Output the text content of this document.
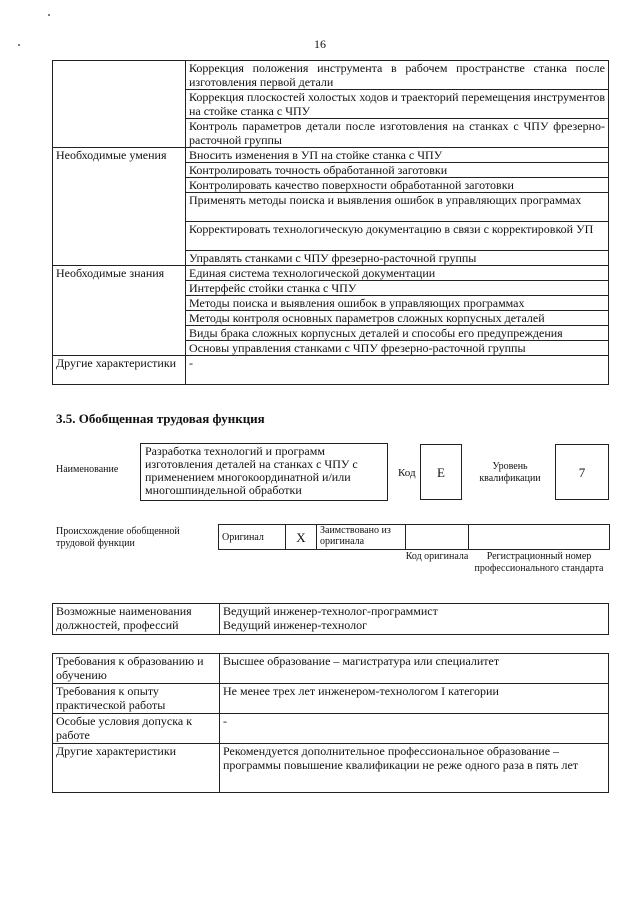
16
	Коррекция положения инструмента в рабочем пространстве станка после изготовления первой детали
	Коррекция плоскостей холостых ходов и траекторий перемещения инструментов на стойке станка с ЧПУ
	Контроль параметров детали после изготовления на станках с ЧПУ фрезерно-расточной группы
Необходимые умения	Вносить изменения в УП на стойке станка с ЧПУ
	Контролировать точность обработанной заготовки
	Контролировать качество поверхности обработанной заготовки
	Применять методы поиска и выявления ошибок в управляющих программах
	Корректировать технологическую документацию в связи с корректировкой УП
	Управлять станками с ЧПУ фрезерно-расточной группы
Необходимые знания	Единая система технологической документации
	Интерфейс стойки станка с ЧПУ
	Методы поиска и выявления ошибок в управляющих программах
	Методы контроля основных параметров сложных корпусных деталей
	Виды брака сложных корпусных деталей и способы его предупреждения
	Основы управления станками с ЧПУ фрезерно-расточной группы
Другие характеристики	-
3.5. Обобщенная трудовая функция
Наименование
Разработка технологий и программ изготовления деталей на станках с ЧПУ с применением многокоординатной и/или многошпиндельной обработки
Код	E	Уровень квалификации	7
Происхождение обобщенной трудовой функции
Оригинал	X	Заимствовано из оригинала		
Код оригинала	Регистрационный номер профессионального стандарта
Возможные наименования должностей, профессий	
Ведущий инженер-технолог-программист
Ведущий инженер-технолог
Требования к образованию и обучению	Высшее образование – магистратура или специалитет
Требования к опыту практической работы	Не менее трех лет инженером-технологом I категории
Особые условия допуска к работе	-
Другие характеристики	Рекомендуется дополнительное профессиональное образование – программы повышение квалификации не реже одного раза в пять лет
